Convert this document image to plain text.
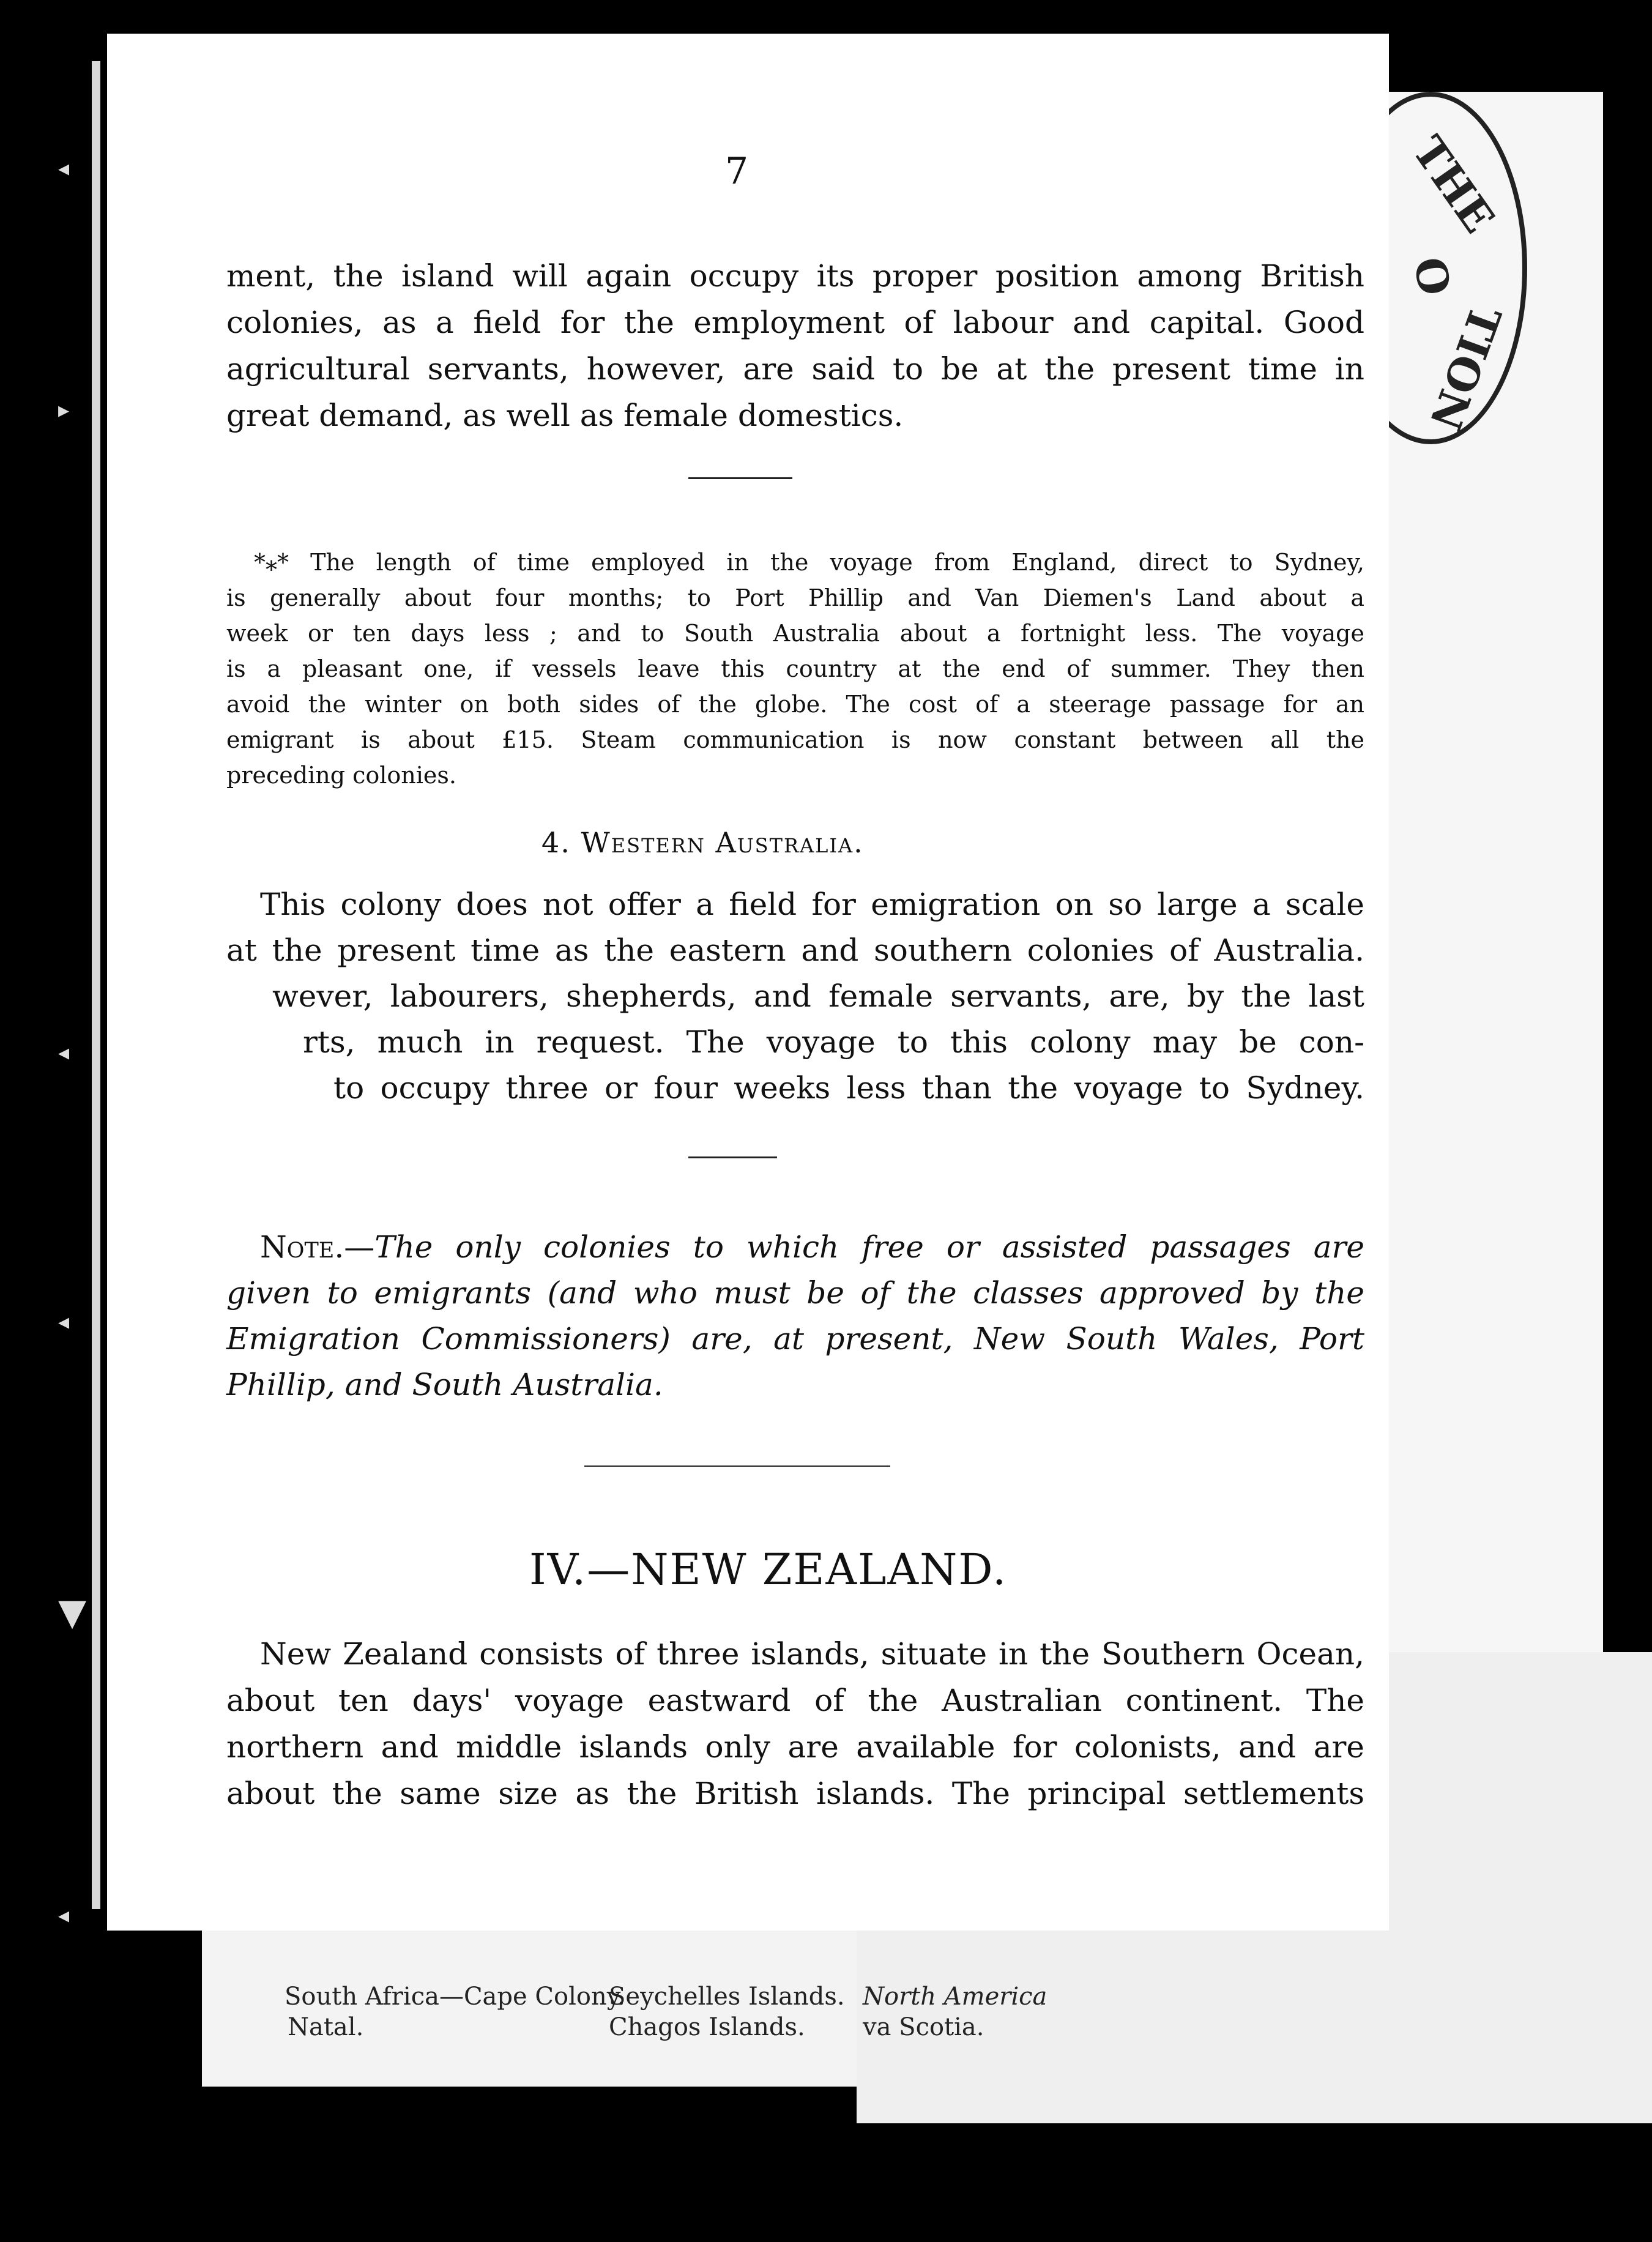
South Africa—Cape Colony.
Seychelles Islands. North America
Natal.	Chagos Islands. va Scotia.
THE
O
TION
◂
▸
◂
◂
▼
◂
7
ment, the island will again occupy its proper position among British
colonies, as a field for the employment of labour and capital. Good
agricultural servants, however, are said to be at the present time in
great demand, as well as female domestics.
*⁎* The length of time employed in the voyage from England, direct to Sydney,
is generally about four months; to Port Phillip and Van Diemen's Land about a
week or ten days less ; and to South Australia about a fortnight less. The voyage
is a pleasant one, if vessels leave this country at the end of summer. They then
avoid the winter on both sides of the globe. The cost of a steerage passage for an
emigrant is about £15. Steam communication is now constant between all the
preceding colonies.
4. Western Australia.
This colony does not offer a field for emigration on so large a scale
at the present time as the eastern and southern colonies of Australia.
wever, labourers, shepherds, and female servants, are, by the last
rts, much in request. The voyage to this colony may be con-
to occupy three or four weeks less than the voyage to Sydney.
Note.—The only colonies to which free or assisted passages are
given to emigrants (and who must be of the classes approved by the
Emigration Commissioners) are, at present, New South Wales, Port
Phillip, and South Australia.
IV.—NEW ZEALAND.
New Zealand consists of three islands, situate in the Southern Ocean,
about ten days' voyage eastward of the Australian continent. The
northern and middle islands only are available for colonists, and are
about the same size as the British islands. The principal settlements
